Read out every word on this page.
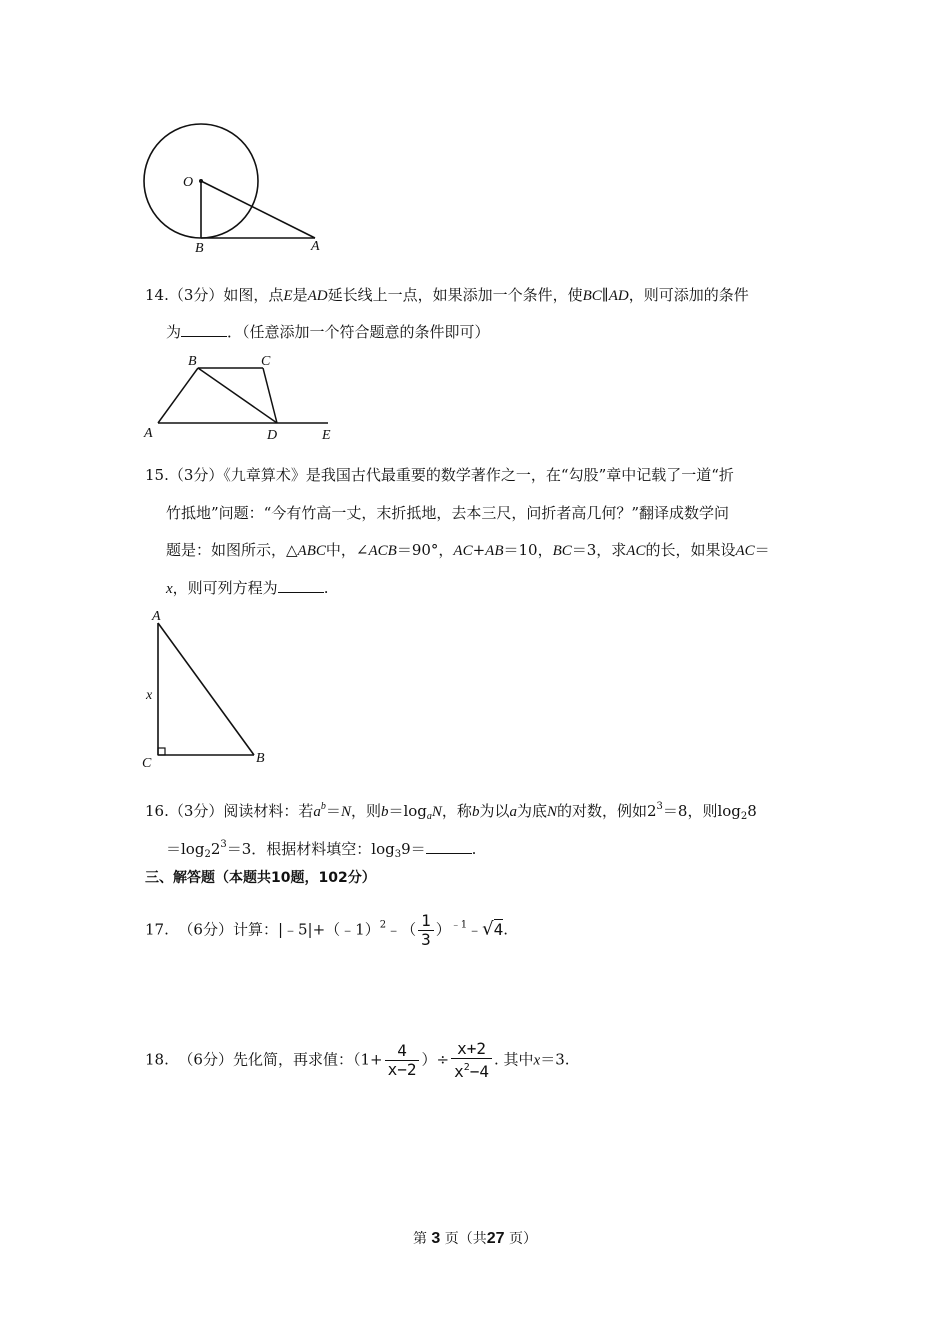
O
B	A
14.（3分）如图，点E是AD延长线上一点，如果添加一个条件，使BC∥AD，则可添加的条件
为	．（任意添加一个符合题意的条件即可）
B	C
A	D	E
15.（3分）《九章算术》是我国古代最重要的数学著作之一，在“勾股”章中记载了一道“折
竹抵地”问题：“今有竹高一丈，末折抵地，去本三尺，问折者高几何？”翻译成数学问
题是：如图所示，△ABC中，∠ACB＝90°，AC+AB＝10，BC＝3，求AC的长，如果设AC＝
x，则可列方程为	.
A
x
C	B
16.（3分）阅读材料：若$a^b=N$，则$b=\log_aN$，称b为以a为底N的对数，例如$2^3=8$，则$\log_28$
$=\log_22^3=3$．根据材料填空：$\log_39=$	.
三、解答题（本题共10题，102分）
17. （6分）计算：|﹣5|+（﹣1）$^2$﹣（ $\frac{1}{3}$ ）$^{﹣1}$﹣√4.
18. （6分）先化简，再求值：（$1+ \frac{4}{x-2}$ ）÷ $\frac{x+2}{x^2-4}$ . 其中x＝3.
第 3 页（共27 页）
